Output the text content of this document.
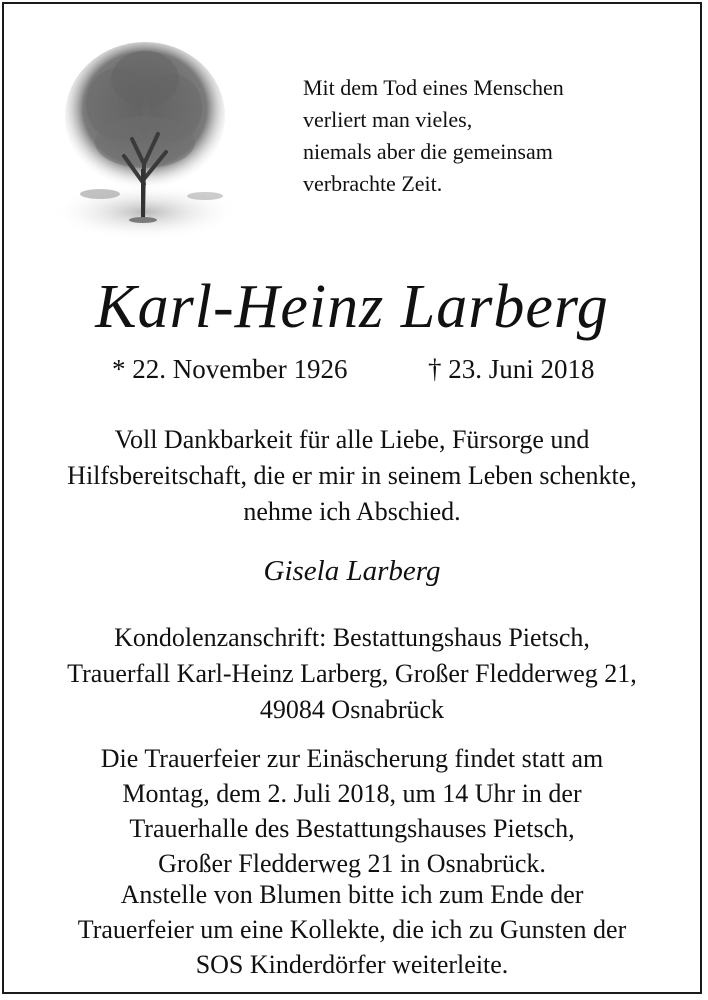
Mit dem Tod eines Menschen
verliert man vieles,
niemals aber die gemeinsam
verbrachte Zeit.
Karl-Heinz Larberg
* 22. November 1926	† 23. Juni 2018
Voll Dankbarkeit für alle Liebe, Fürsorge und
Hilfsbereitschaft, die er mir in seinem Leben schenkte,
nehme ich Abschied.
Gisela Larberg
Kondolenzanschrift: Bestattungshaus Pietsch,
Trauerfall Karl-Heinz Larberg, Großer Fledderweg 21,
49084 Osnabrück
Die Trauerfeier zur Einäscherung findet statt am
Montag, dem 2. Juli 2018, um 14 Uhr in der
Trauerhalle des Bestattungshauses Pietsch,
Großer Fledderweg 21 in Osnabrück.
Anstelle von Blumen bitte ich zum Ende der
Trauerfeier um eine Kollekte, die ich zu Gunsten der
SOS Kinderdörfer weiterleite.
